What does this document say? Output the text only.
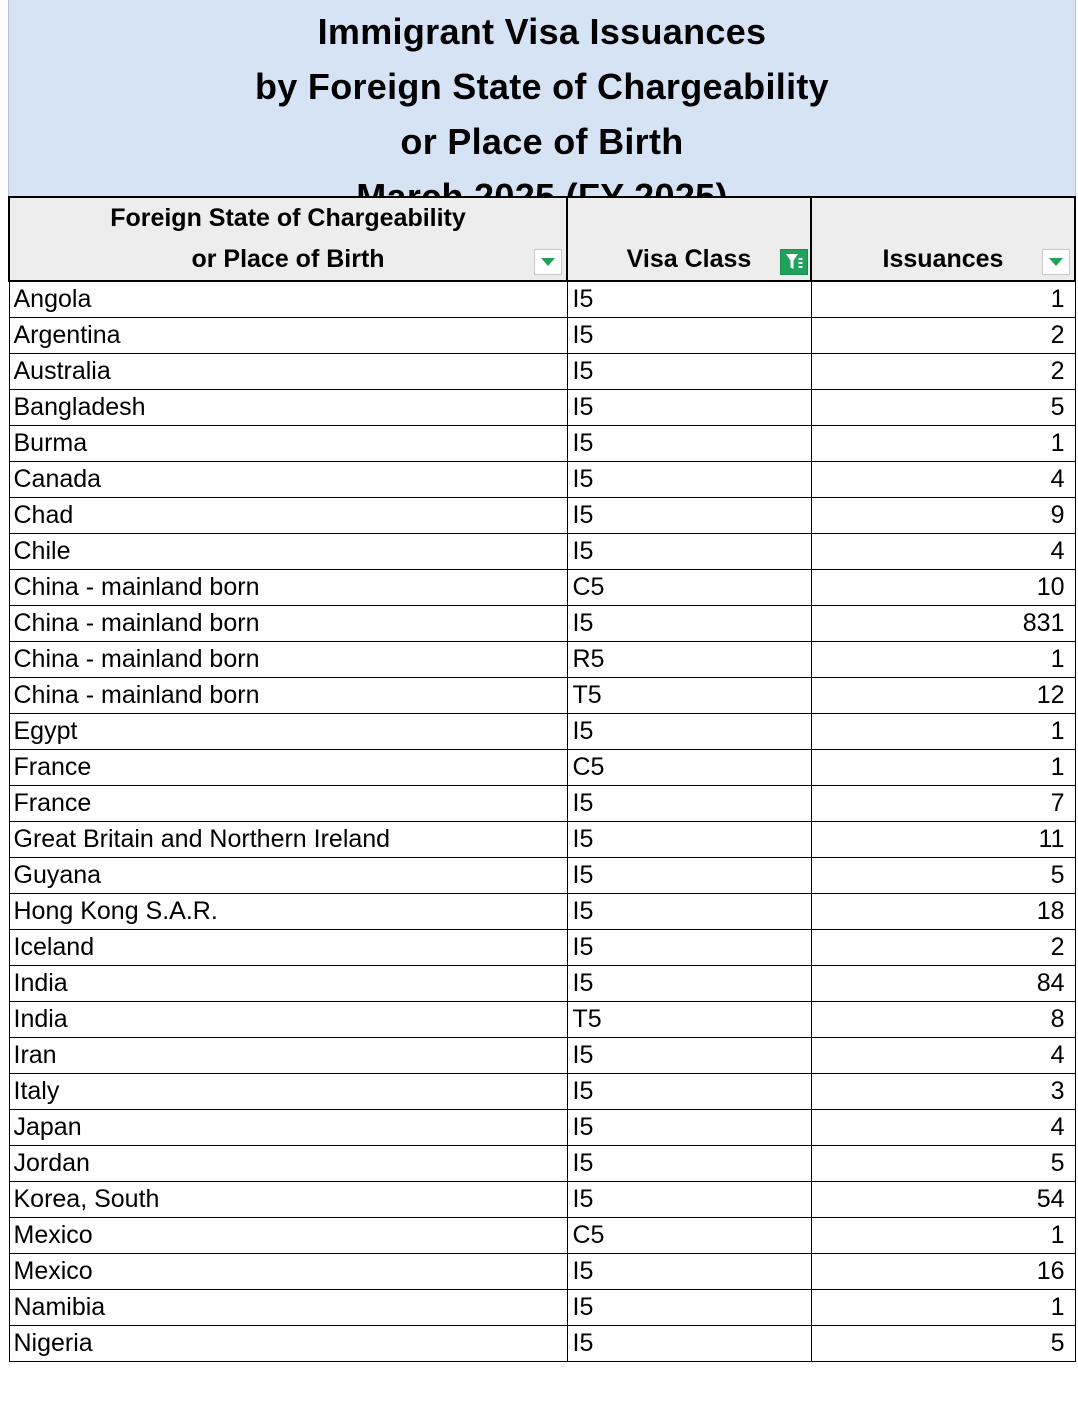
Immigrant Visa Issuances
by Foreign State of Chargeability
or Place of Birth
Foreign State of Chargeability
or Place of Birth	Visa Class	Issuances

Angola	I5	1
Argentina	I5	2
Australia	I5	2
Bangladesh	I5	5
Burma	I5	1
Canada	I5	4
Chad	I5	9
Chile	I5	4
China - mainland born	C5	10
China - mainland born	I5	831
China - mainland born	R5	1
China - mainland born	T5	12
Egypt	I5	1
France	C5	1
France	I5	7
Great Britain and Northern Ireland	I5	11
Guyana	I5	5
Hong Kong S.A.R.	I5	18
Iceland	I5	2
India	I5	84
India	T5	8
Iran	I5	4
Italy	I5	3
Japan	I5	4
Jordan	I5	5
Korea, South	I5	54
Mexico	C5	1
Mexico	I5	16
Namibia	I5	1
Nigeria	I5	5
